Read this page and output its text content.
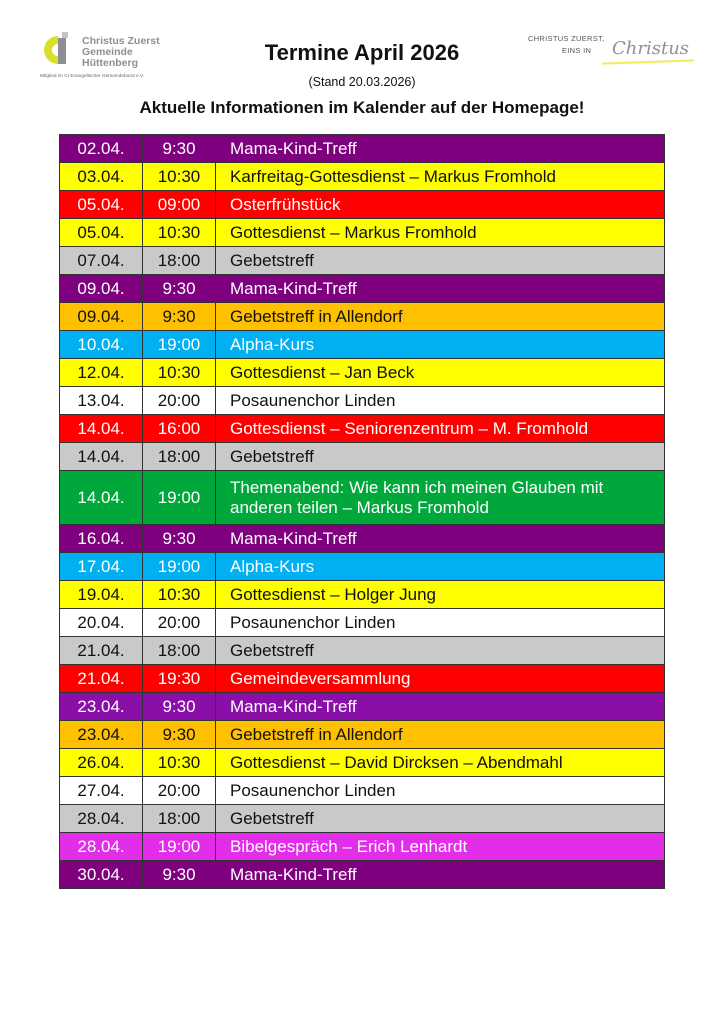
Christus Zuerst
Gemeinde
Hüttenberg
Mitglied im CI Evangelischer Gemeindebund e.V.
CHRISTUS ZUERST,
EINS IN Christus
Termine April 2026
(Stand 20.03.2026)
Aktuelle Informationen im Kalender auf der Homepage!
02.04.	9:30	Mama-Kind-Treff
03.04.	10:30	Karfreitag-Gottesdienst – Markus Fromhold
05.04.	09:00	Osterfrühstück
05.04.	10:30	Gottesdienst – Markus Fromhold
07.04.	18:00	Gebetstreff
09.04.	9:30	Mama-Kind-Treff
09.04.	9:30	Gebetstreff in Allendorf
10.04.	19:00	Alpha-Kurs
12.04.	10:30	Gottesdienst – Jan Beck
13.04.	20:00	Posaunenchor Linden
14.04.	16:00	Gottesdienst – Seniorenzentrum – M. Fromhold
14.04.	18:00	Gebetstreff
14.04.	19:00	Themenabend: Wie kann ich meinen Glauben mit anderen teilen – Markus Fromhold
16.04.	9:30	Mama-Kind-Treff
17.04.	19:00	Alpha-Kurs
19.04.	10:30	Gottesdienst – Holger Jung
20.04.	20:00	Posaunenchor Linden
21.04.	18:00	Gebetstreff
21.04.	19:30	Gemeindeversammlung
23.04.	9:30	Mama-Kind-Treff
23.04.	9:30	Gebetstreff in Allendorf
26.04.	10:30	Gottesdienst – David Dircksen – Abendmahl
27.04.	20:00	Posaunenchor Linden
28.04.	18:00	Gebetstreff
28.04.	19:00	Bibelgespräch – Erich Lenhardt
30.04.	9:30	Mama-Kind-Treff
